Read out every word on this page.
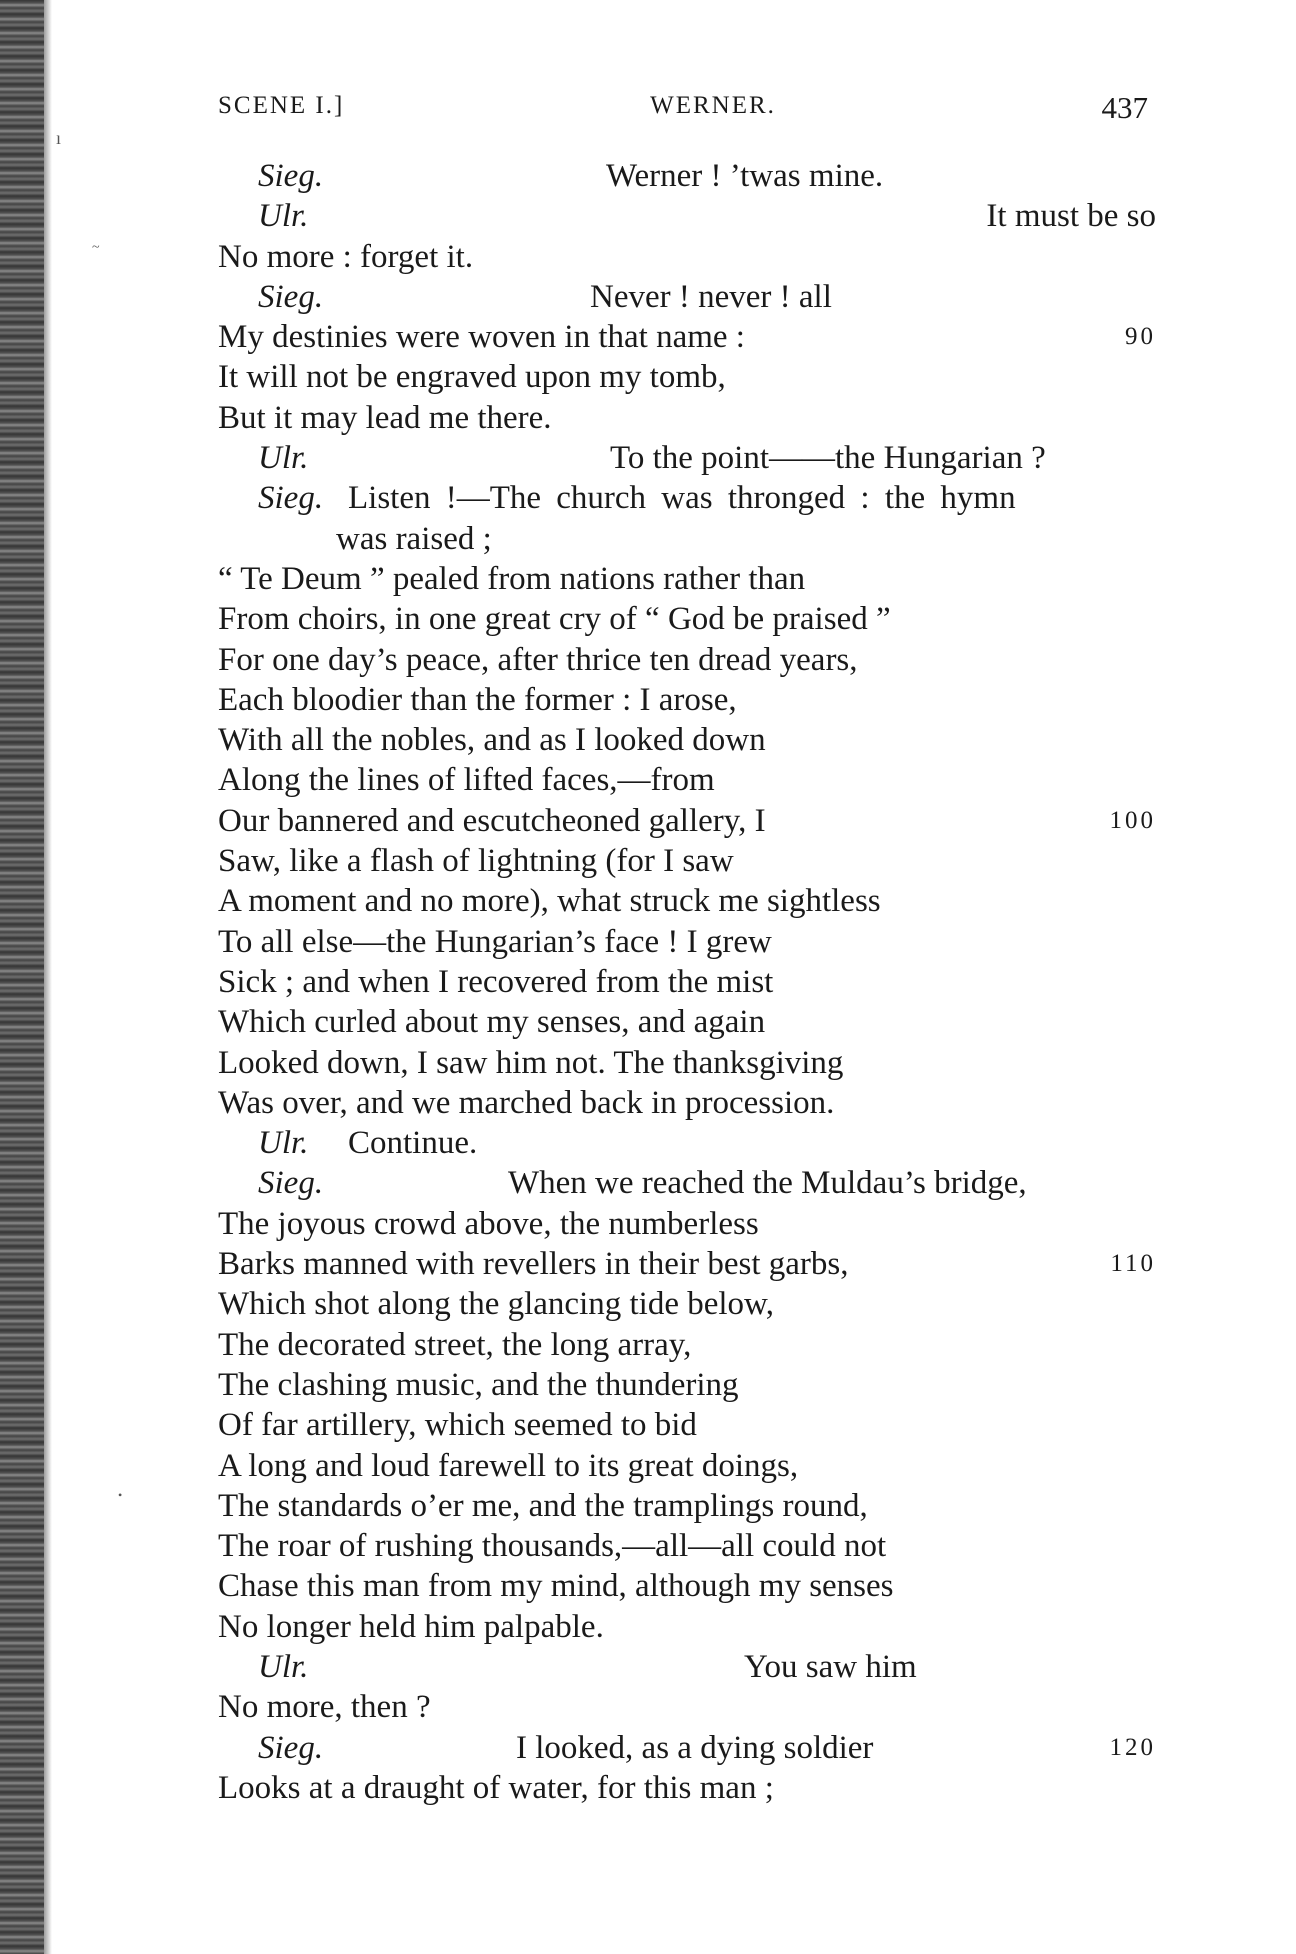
ı
~
•
SCENE I.]	WERNER.	437
Sieg.	Werner ! ’twas mine.
Ulr.	It must be so
No more : forget it.
Sieg.	Never ! never ! all
My destinies were woven in that name :	90
It will not be engraved upon my tomb,
But it may lead me there.
Ulr.	To the point——the Hungarian ?
Sieg. Listen !—The church was thronged : the hymn
was raised ;
“ Te Deum ” pealed from nations rather than
From choirs, in one great cry of “ God be praised ”
For one day’s peace, after thrice ten dread years,
Each bloodier than the former : I arose,
With all the nobles, and as I looked down
Along the lines of lifted faces,—from
Our bannered and escutcheoned gallery, I	100
Saw, like a flash of lightning (for I saw
A moment and no more), what struck me sightless
To all else—the Hungarian’s face ! I grew
Sick ; and when I recovered from the mist
Which curled about my senses, and again
Looked down, I saw him not. The thanksgiving
Was over, and we marched back in procession.
Ulr. Continue.
Sieg.	When we reached the Muldau’s bridge,
The joyous crowd above, the numberless
Barks manned with revellers in their best garbs,	110
Which shot along the glancing tide below,
The decorated street, the long array,
The clashing music, and the thundering
Of far artillery, which seemed to bid
A long and loud farewell to its great doings,
The standards o’er me, and the tramplings round,
The roar of rushing thousands,—all—all could not
Chase this man from my mind, although my senses
No longer held him palpable.
Ulr.	You saw him
No more, then ?
Sieg.	I looked, as a dying soldier	120
Looks at a draught of water, for this man ;
